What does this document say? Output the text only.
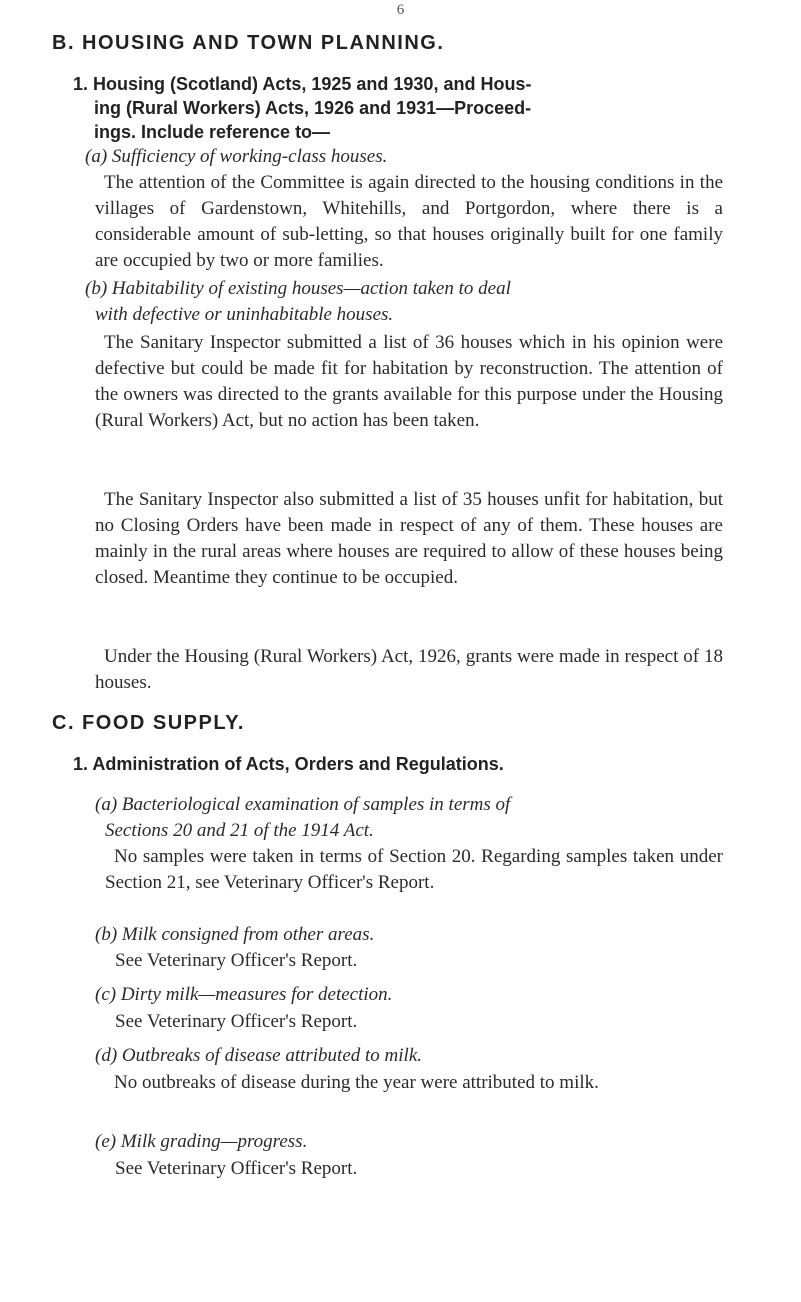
6
B. HOUSING AND TOWN PLANNING.
1. Housing (Scotland) Acts, 1925 and 1930, and Hous-
ing (Rural Workers) Acts, 1926 and 1931—Proceed-
ings. Include reference to—
(a) Sufficiency of working-class houses.

The attention of the Committee is again directed to the housing conditions in the villages of Gardenstown, Whitehills, and Portgordon, where there is a considerable amount of sub-letting, so that houses originally built for one family are occupied by two or more families.

(b) Habitability of existing houses—action taken to deal
with defective or uninhabitable houses.

The Sanitary Inspector submitted a list of 36 houses which in his opinion were defective but could be made fit for habitation by reconstruction. The attention of the owners was directed to the grants available for this purpose under the Housing (Rural Workers) Act, but no action has been taken.

The Sanitary Inspector also submitted a list of 35 houses unfit for habitation, but no Closing Orders have been made in respect of any of them. These houses are mainly in the rural areas where houses are required to allow of these houses being closed. Meantime they continue to be occupied.

Under the Housing (Rural Workers) Act, 1926, grants were made in respect of 18 houses.

C. FOOD SUPPLY.
1. Administration of Acts, Orders and Regulations.
(a) Bacteriological examination of samples in terms of
Sections 20 and 21 of the 1914 Act.

No samples were taken in terms of Section 20. Regarding samples taken under Section 21, see Veterinary Officer's Report.

(b) Milk consigned from other areas.

See Veterinary Officer's Report.

(c) Dirty milk—measures for detection.

See Veterinary Officer's Report.

(d) Outbreaks of disease attributed to milk.

No outbreaks of disease during the year were attributed to milk.

(e) Milk grading—progress.

See Veterinary Officer's Report.
